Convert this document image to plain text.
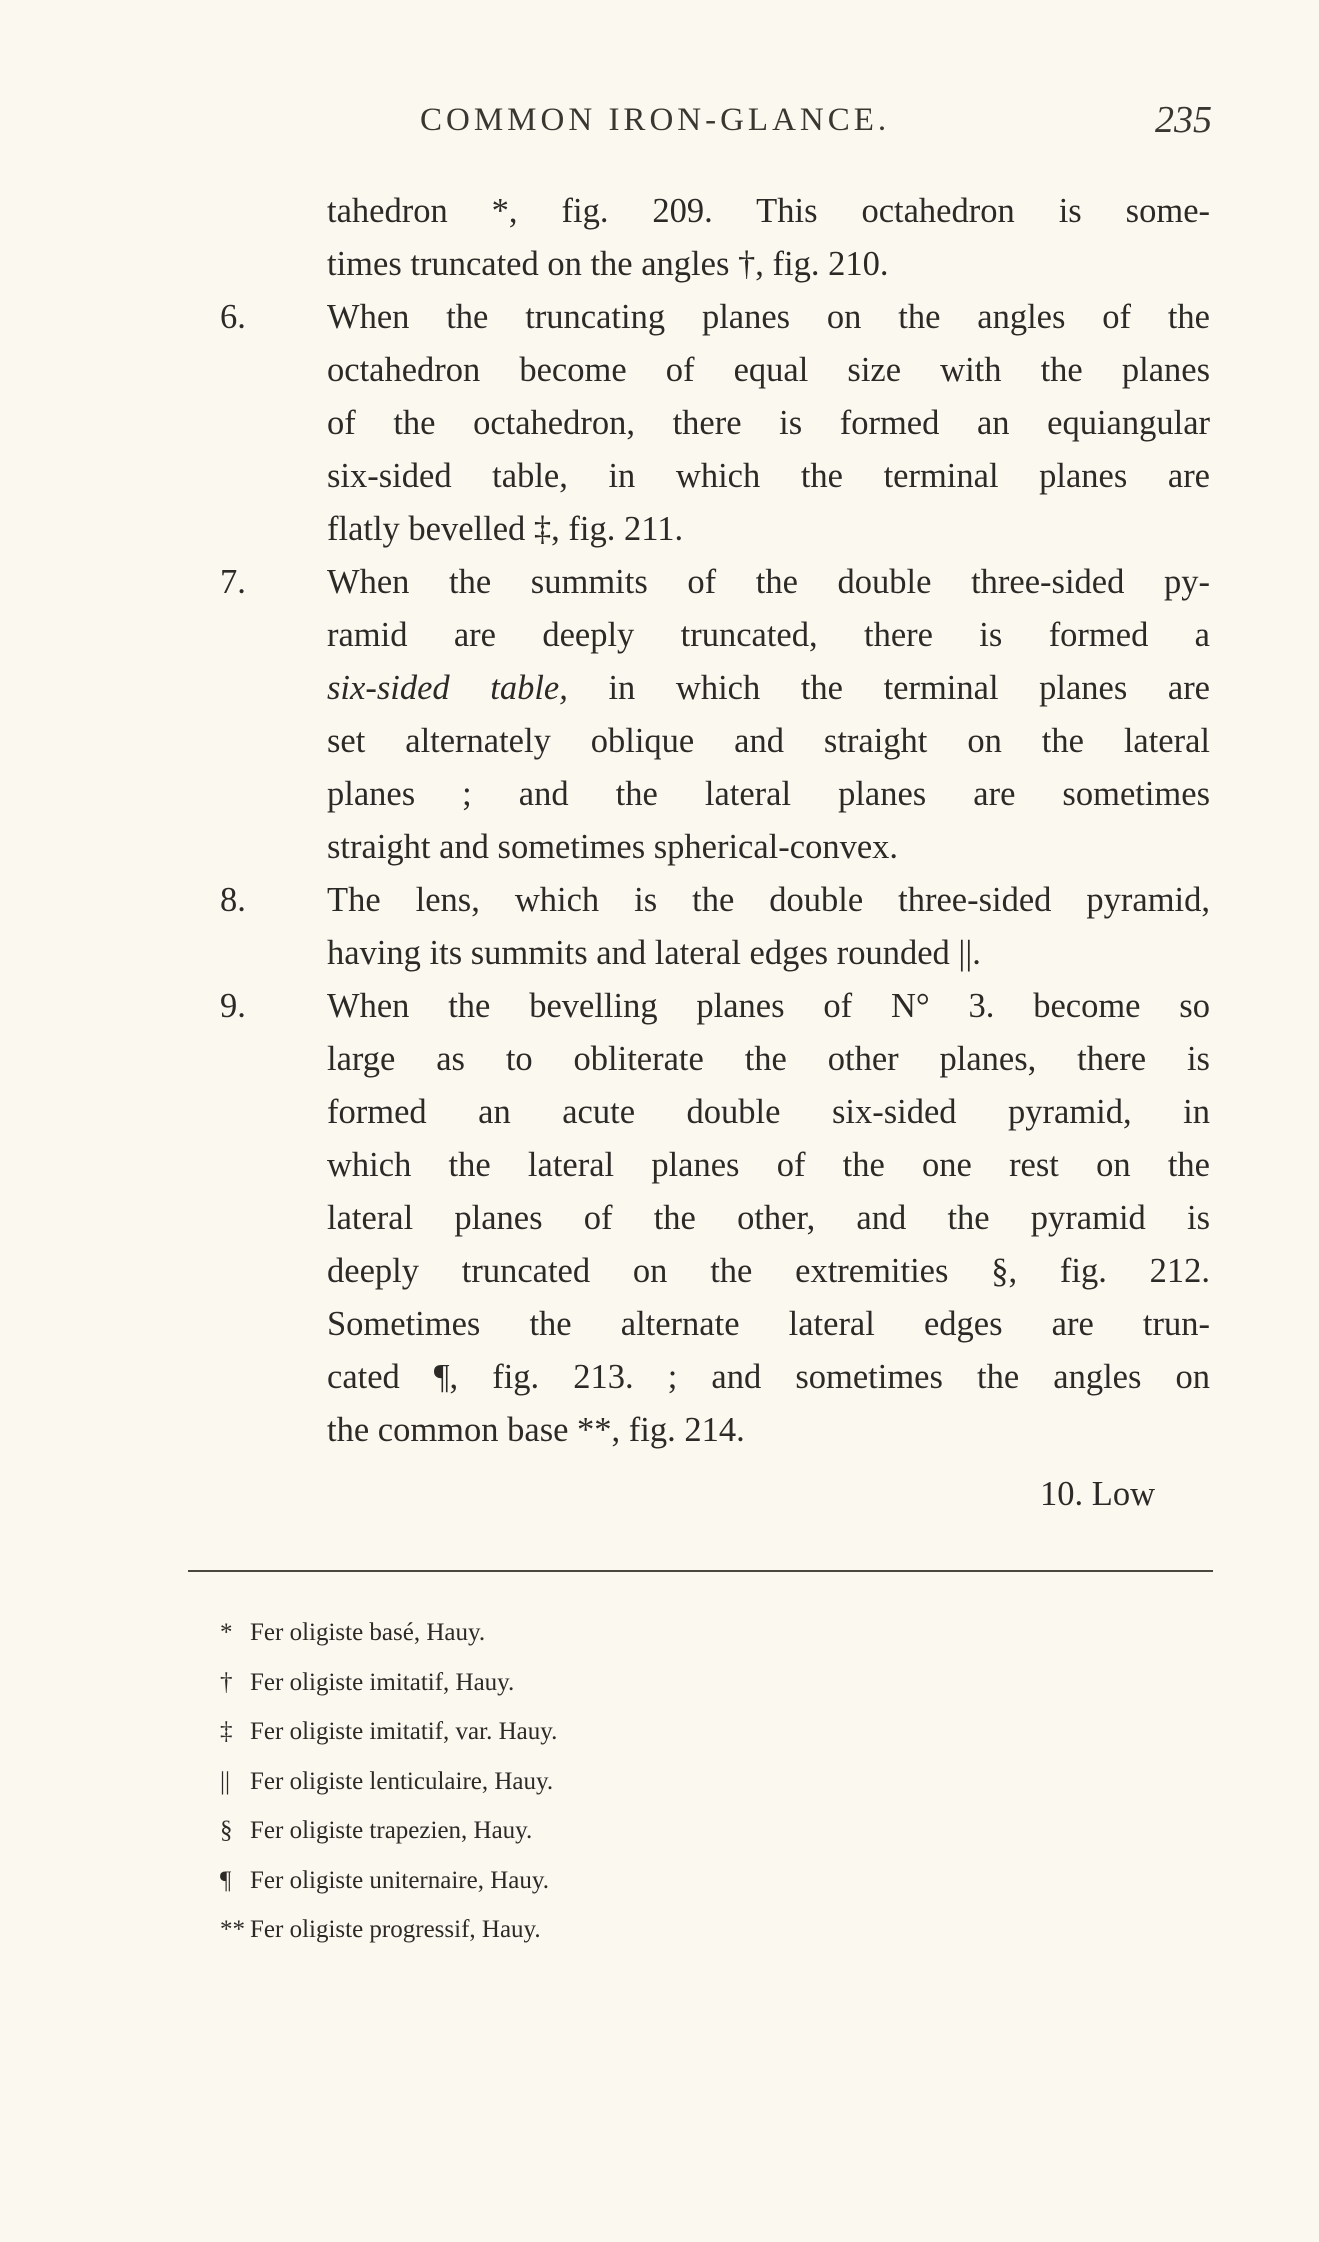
COMMON IRON-GLANCE.	235
tahedron *, fig. 209. This octahedron is some-
times truncated on the angles †, fig. 210.
6.	When the truncating planes on the angles of the
octahedron become of equal size with the planes
of the octahedron, there is formed an equiangular
six-sided table, in which the terminal planes are
flatly bevelled ‡, fig. 211.
7.	When the summits of the double three-sided py-
ramid are deeply truncated, there is formed a
six-sided table, in which the terminal planes are
set alternately oblique and straight on the lateral
planes ; and the lateral planes are sometimes
straight and sometimes spherical-convex.
8.	The lens, which is the double three-sided pyramid,
having its summits and lateral edges rounded ||.
9.	When the bevelling planes of N° 3. become so
large as to obliterate the other planes, there is
formed an acute double six-sided pyramid, in
which the lateral planes of the one rest on the
lateral planes of the other, and the pyramid is
deeply truncated on the extremities §, fig. 212.
Sometimes the alternate lateral edges are trun-
cated ¶, fig. 213. ; and sometimes the angles on
the common base **, fig. 214.
10. Low
* Fer oligiste basé, Hauy.
† Fer oligiste imitatif, Hauy.
‡ Fer oligiste imitatif, var. Hauy.
|| Fer oligiste lenticulaire, Hauy.
§ Fer oligiste trapezien, Hauy.
¶ Fer oligiste uniternaire, Hauy.
** Fer oligiste progressif, Hauy.
